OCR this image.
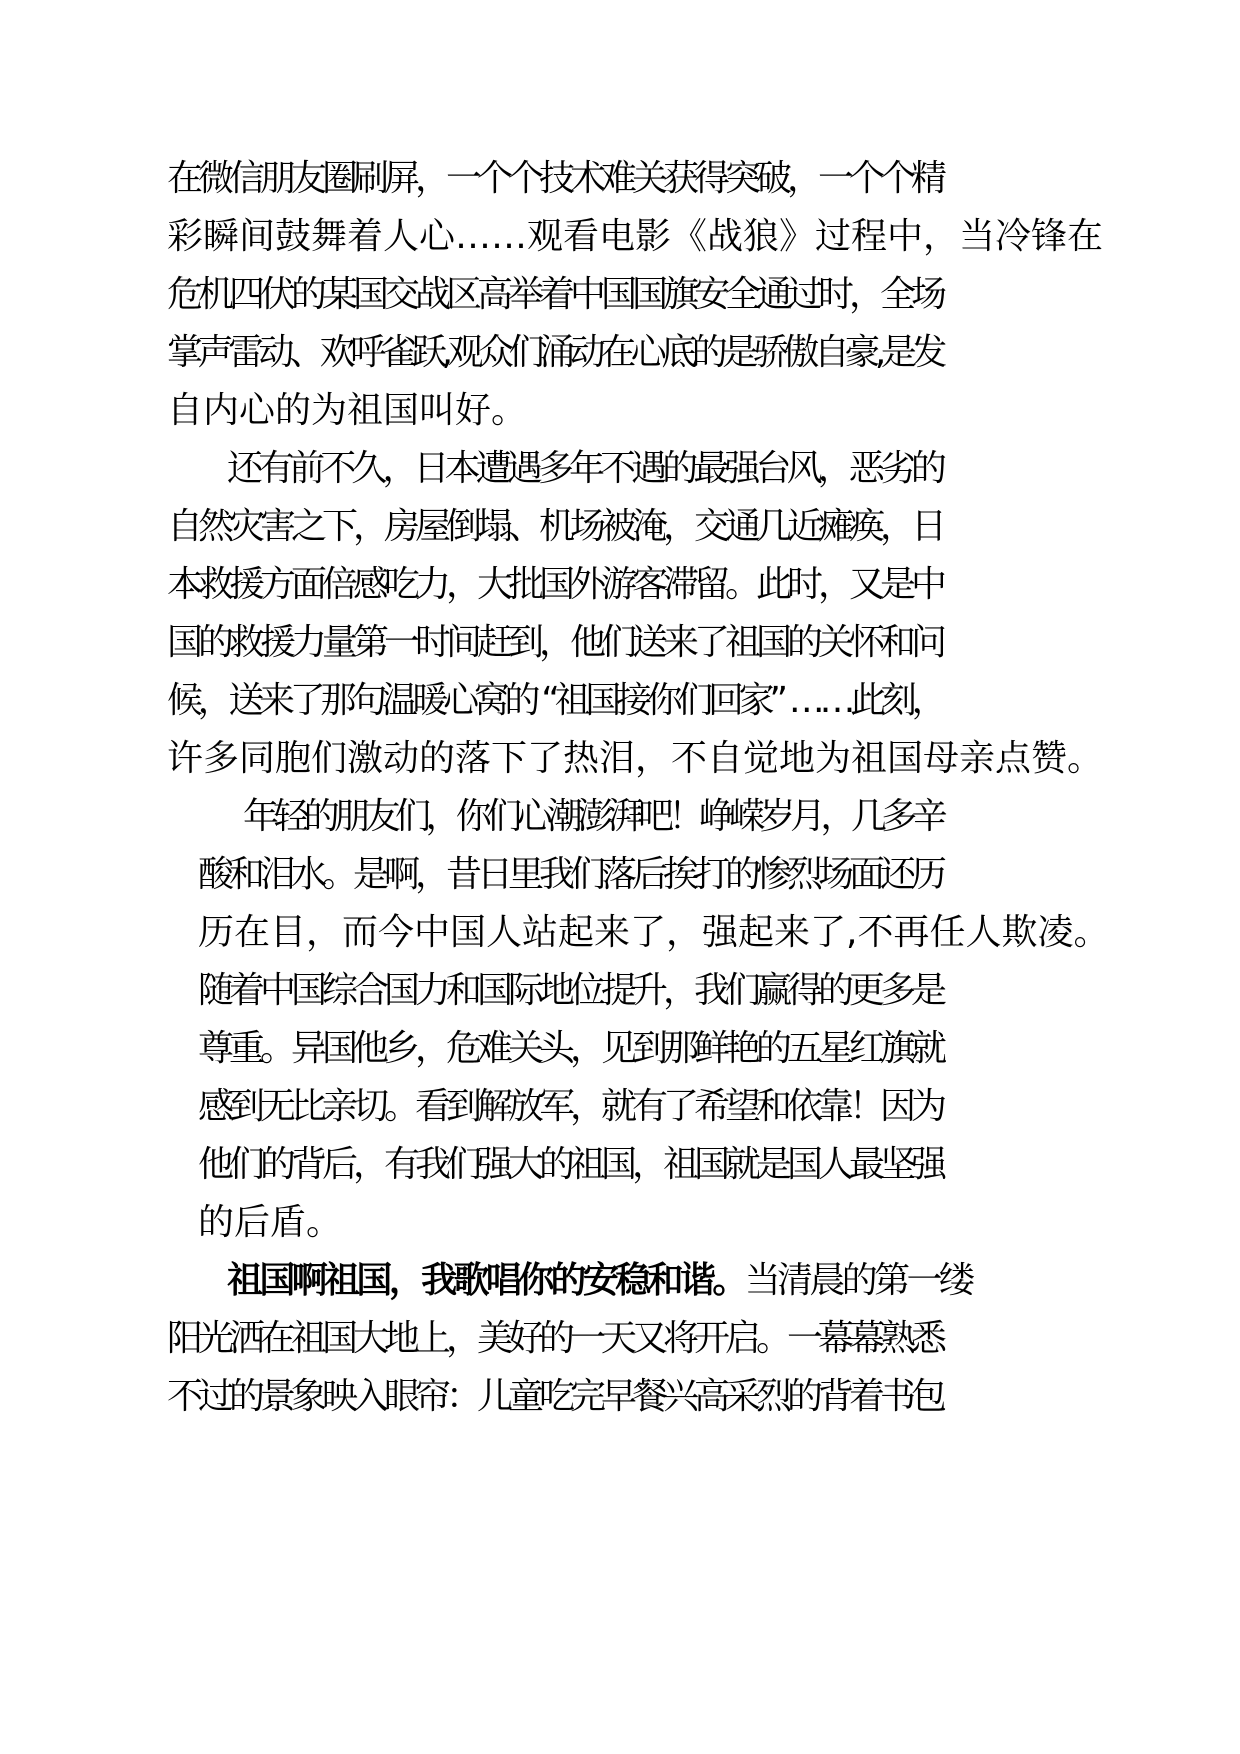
在微信朋友圈刷屏，一个个技术难关获得突破，一个个精
彩瞬间鼓舞着人心……观看电影《战狼》过程中，当冷锋在
危机四伏的某国交战区高举着中国国旗安全通过时，全场
掌声雷动、欢呼雀跃,观众们涌动在心底的是骄傲自豪,是发
自内心的为祖国叫好。
还有前不久，日本遭遇多年不遇的最强台风，恶劣的
自然灾害之下，房屋倒塌、机场被淹，交通几近瘫痪，日
本救援方面倍感吃力，大批国外游客滞留。此时，又是中
国的救援力量第一时间赶到，他们送来了祖国的关怀和问
候，送来了那句温暖心窝的 “祖国接你们回家” ……此刻，
许多同胞们激动的落下了热泪，不自觉地为祖国母亲点赞。
年轻的朋友们，你们心潮澎湃吧！峥嵘岁月，几多辛
酸和泪水。是啊，昔日里我们落后挨打的惨烈场面还历
历在目，而今中国人站起来了，强起来了,不再任人欺凌。
随着中国综合国力和国际地位提升，我们赢得的更多是
尊重。异国他乡，危难关头，见到那鲜艳的五星红旗就
感到无比亲切。看到解放军，就有了希望和依靠！因为
他们的背后，有我们强大的祖国，祖国就是国人最坚强
的后盾。
祖国啊祖国，我歌唱你的安稳和谐。当清晨的第一缕
阳光洒在祖国大地上，美好的一天又将开启。一幕幕熟悉
不过的景象映入眼帘：儿童吃完早餐兴高采烈的背着书包
